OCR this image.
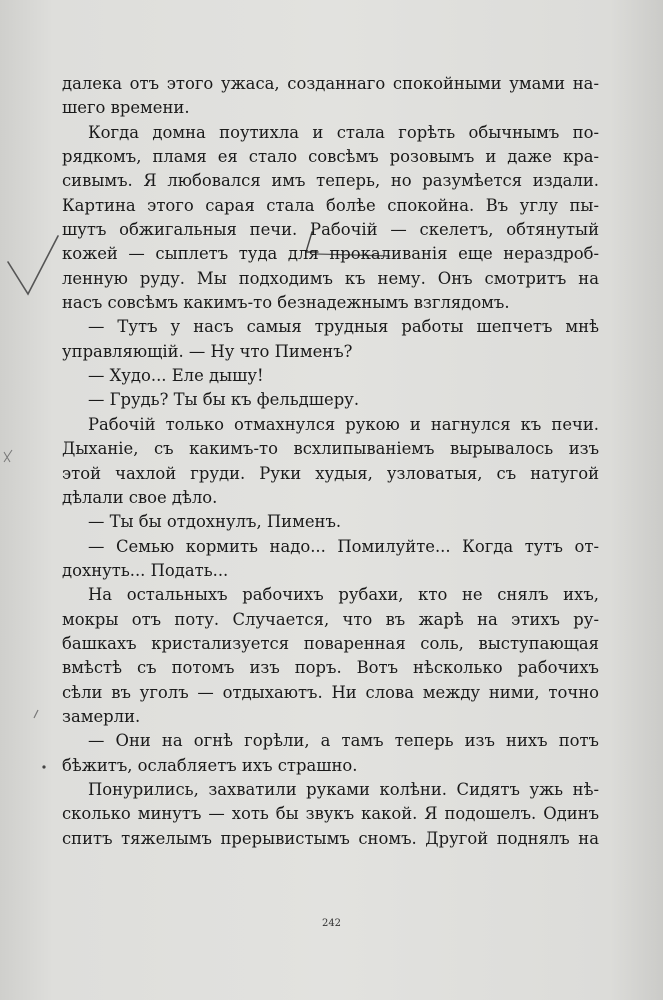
далека отъ этого ужаса, созданнаго спокойными умами на-
шего времени.
Когда домна поутихла и стала горѣть обычнымъ по-
рядкомъ, пламя ея стало совсѣмъ розовымъ и даже кра-
сивымъ. Я любовался имъ теперь, но разумѣется издали.
Картина этого сарая стала болѣе спокойна. Въ углу пы-
шутъ обжигальныя печи. Рабочій — скелетъ, обтянутый
кожей — сыплетъ туда для прокаливанія еще нераздроб-
ленную руду. Мы подходимъ къ нему. Онъ смотритъ на
насъ совсѣмъ какимъ-то безнадежнымъ взглядомъ.
— Тутъ у насъ самыя трудныя работы шепчетъ мнѣ
управляющій. — Ну что Пименъ?
— Худо... Еле дышу!
— Грудь? Ты бы къ фельдшеру.
Рабочій только отмахнулся рукою и нагнулся къ печи.
Дыханіе, съ какимъ-то всхлипываніемъ вырывалось изъ
этой чахлой груди. Руки худыя, узловатыя, съ натугой
дѣлали свое дѣло.
— Ты бы отдохнулъ, Пименъ.
— Семью кормить надо... Помилуйте... Когда тутъ от-
дохнуть... Подать...
На остальныхъ рабочихъ рубахи, кто не снялъ ихъ,
мокры отъ поту. Случается, что въ жарѣ на этихъ ру-
башкахъ кристализуется поваренная соль, выступающая
вмѣстѣ съ потомъ изъ поръ. Вотъ нѣсколько рабочихъ
сѣли въ уголъ — отдыхаютъ. Ни слова между ними, точно
замерли.
— Они на огнѣ горѣли, а тамъ теперь изъ нихъ потъ
бѣжитъ, ослабляетъ ихъ страшно.
Понурились, захватили руками колѣни. Сидятъ ужь нѣ-
сколько минутъ — хоть бы звукъ какой. Я подошелъ. Одинъ
спитъ тяжелымъ прерывистымъ сномъ. Другой поднялъ на
242
